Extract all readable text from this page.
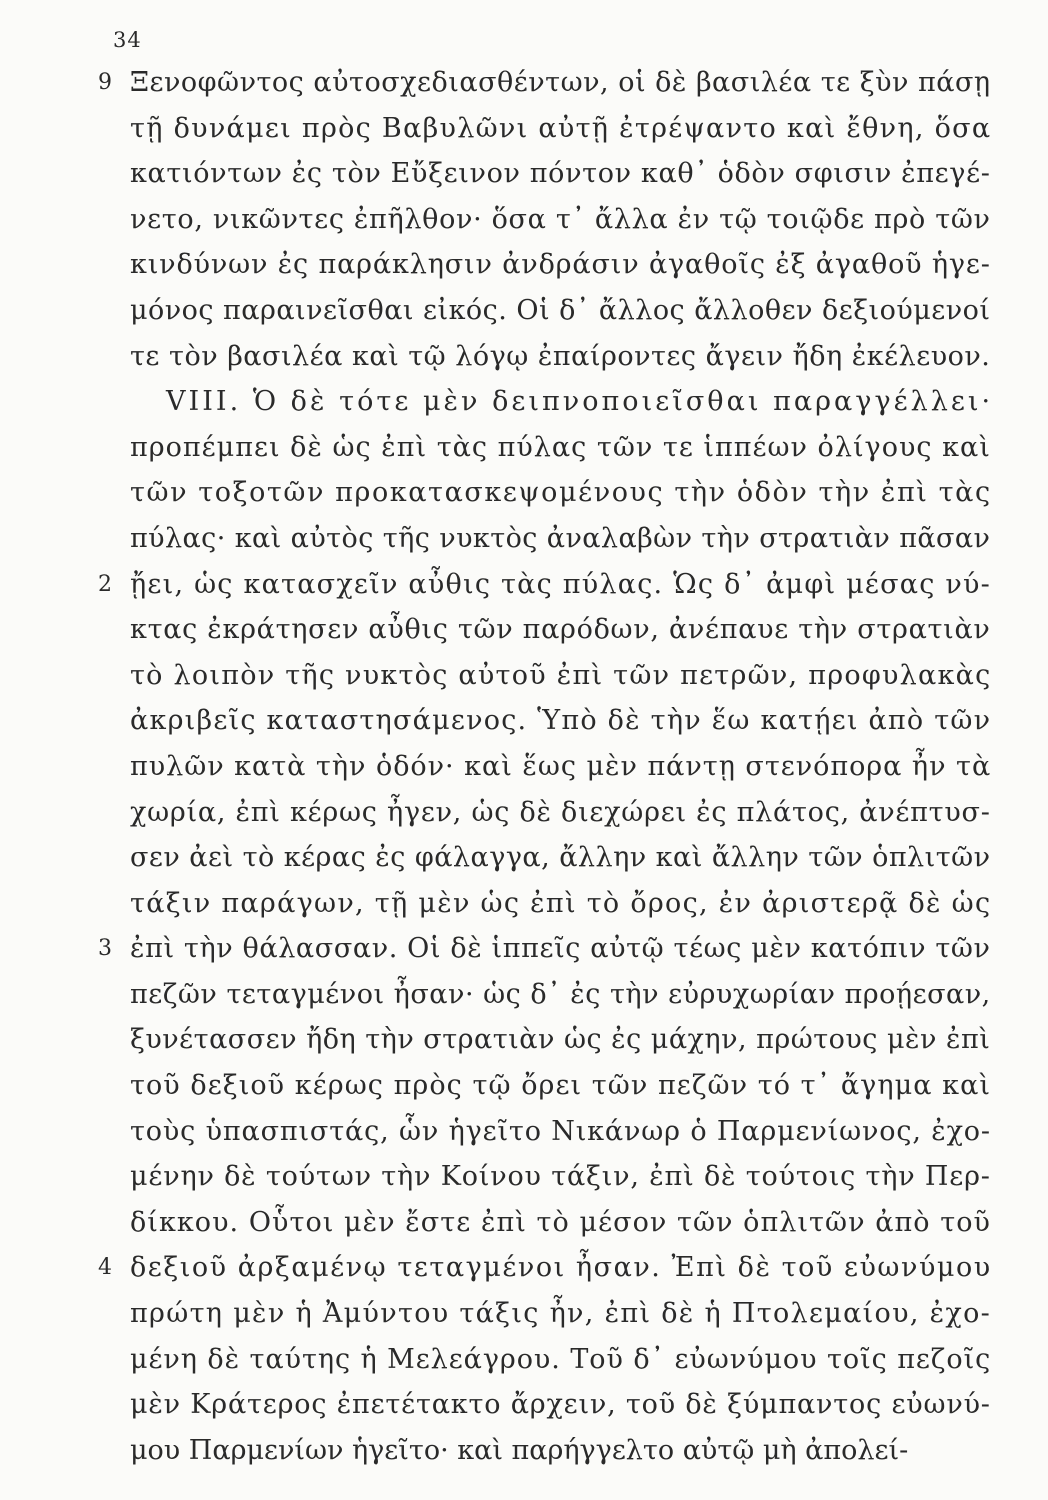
34
9 Ξενοφῶντος αὐτοσχεδιασθέντων, οἱ δὲ βασιλέα τε ξὺν πάσῃ
τῇ δυνάμει πρὸς Βαβυλῶνι αὐτῇ ἐτρέψαντο καὶ ἔθνη, ὅσα
κατιόντων ἐς τὸν Εὔξεινον πόντον καθ᾽ ὁδὸν σφισιν ἐπεγέ-
νετο, νικῶντες ἐπῆλθον· ὅσα τ᾽ ἄλλα ἐν τῷ τοιῷδε πρὸ τῶν
κινδύνων ἐς παράκλησιν ἀνδράσιν ἀγαθοῖς ἐξ ἀγαθοῦ ἡγε-
μόνος παραινεῖσθαι εἰκός. Οἱ δ᾽ ἄλλος ἄλλοθεν δεξιούμενοί
τε τὸν βασιλέα καὶ τῷ λόγῳ ἐπαίροντες ἄγειν ἤδη ἐκέλευον.
VIII. Ὁ δὲ τότε μὲν δειπνοποιεῖσθαι παραγγέλλει·
προπέμπει δὲ ὡς ἐπὶ τὰς πύλας τῶν τε ἱππέων ὀλίγους καὶ
τῶν τοξοτῶν προκατασκεψομένους τὴν ὁδὸν τὴν ἐπὶ τὰς
πύλας· καὶ αὐτὸς τῆς νυκτὸς ἀναλαβὼν τὴν στρατιὰν πᾶσαν
2 ᾔει, ὡς κατασχεῖν αὖθις τὰς πύλας. Ὡς δ᾽ ἀμφὶ μέσας νύ-
κτας ἐκράτησεν αὖθις τῶν παρόδων, ἀνέπαυε τὴν στρατιὰν
τὸ λοιπὸν τῆς νυκτὸς αὐτοῦ ἐπὶ τῶν πετρῶν, προφυλακὰς
ἀκριβεῖς καταστησάμενος. Ὑπὸ δὲ τὴν ἕω κατῄει ἀπὸ τῶν
πυλῶν κατὰ τὴν ὁδόν· καὶ ἕως μὲν πάντῃ στενόπορα ἦν τὰ
χωρία, ἐπὶ κέρως ἦγεν, ὡς δὲ διεχώρει ἐς πλάτος, ἀνέπτυσ-
σεν ἀεὶ τὸ κέρας ἐς φάλαγγα, ἄλλην καὶ ἄλλην τῶν ὁπλιτῶν
τάξιν παράγων, τῇ μὲν ὡς ἐπὶ τὸ ὄρος, ἐν ἀριστερᾷ δὲ ὡς
3 ἐπὶ τὴν θάλασσαν. Οἱ δὲ ἱππεῖς αὐτῷ τέως μὲν κατόπιν τῶν
πεζῶν τεταγμένοι ἦσαν· ὡς δ᾽ ἐς τὴν εὐρυχωρίαν προῄεσαν,
ξυνέτασσεν ἤδη τὴν στρατιὰν ὡς ἐς μάχην, πρώτους μὲν ἐπὶ
τοῦ δεξιοῦ κέρως πρὸς τῷ ὄρει τῶν πεζῶν τό τ᾽ ἄγημα καὶ
τοὺς ὑπασπιστάς, ὧν ἡγεῖτο Νικάνωρ ὁ Παρμενίωνος, ἐχο-
μένην δὲ τούτων τὴν Κοίνου τάξιν, ἐπὶ δὲ τούτοις τὴν Περ-
δίκκου. Οὗτοι μὲν ἔστε ἐπὶ τὸ μέσον τῶν ὁπλιτῶν ἀπὸ τοῦ
4 δεξιοῦ ἀρξαμένῳ τεταγμένοι ἦσαν. Ἐπὶ δὲ τοῦ εὐωνύμου
πρώτη μὲν ἡ Ἀμύντου τάξις ἦν, ἐπὶ δὲ ἡ Πτολεμαίου, ἐχο-
μένη δὲ ταύτης ἡ Μελεάγρου. Τοῦ δ᾽ εὐωνύμου τοῖς πεζοῖς
μὲν Κράτερος ἐπετέτακτο ἄρχειν, τοῦ δὲ ξύμπαντος εὐωνύ-
μου Παρμενίων ἡγεῖτο· καὶ παρήγγελτο αὐτῷ μὴ ἀπολεί-
